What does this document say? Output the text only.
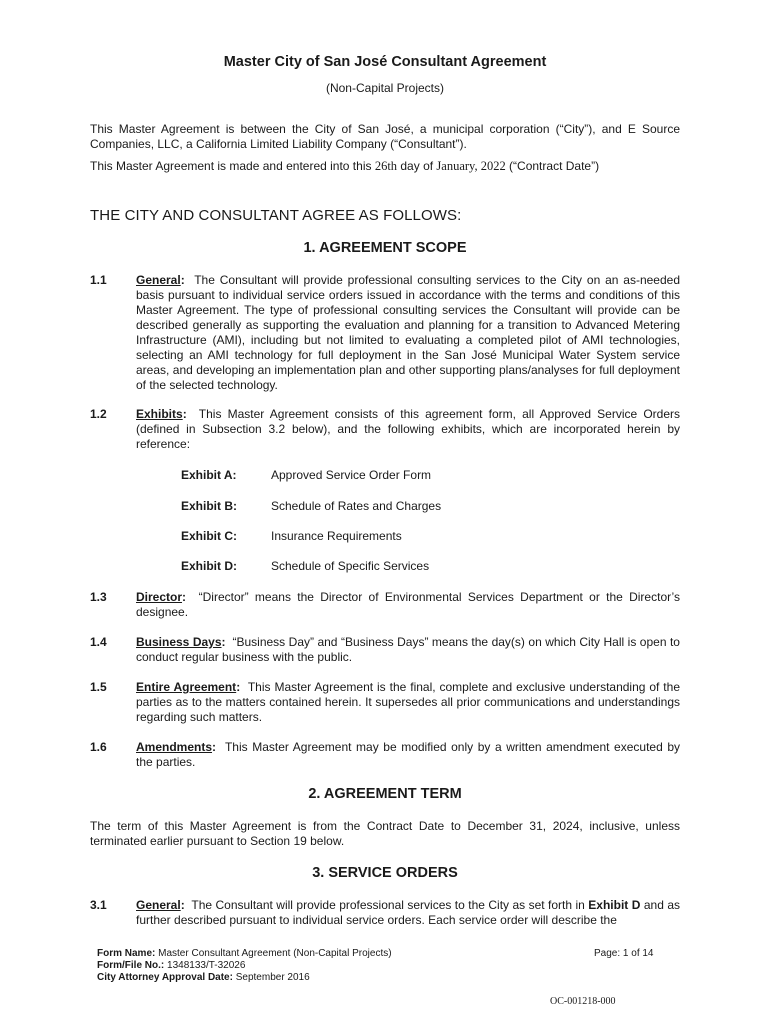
Master City of San José Consultant Agreement
(Non-Capital Projects)
This Master Agreement is between the City of San José, a municipal corporation (“City”), and E Source Companies, LLC, a California Limited Liability Company (“Consultant”).
This Master Agreement is made and entered into this 26th day of January, 2022 (“Contract Date”)
THE CITY AND CONSULTANT AGREE AS FOLLOWS:
1. AGREEMENT SCOPE
1.1 General: The Consultant will provide professional consulting services to the City on an as-needed basis pursuant to individual service orders issued in accordance with the terms and conditions of this Master Agreement. The type of professional consulting services the Consultant will provide can be described generally as supporting the evaluation and planning for a transition to Advanced Metering Infrastructure (AMI), including but not limited to evaluating a completed pilot of AMI technologies, selecting an AMI technology for full deployment in the San José Municipal Water System service areas, and developing an implementation plan and other supporting plans/analyses for full deployment of the selected technology.
1.2 Exhibits: This Master Agreement consists of this agreement form, all Approved Service Orders (defined in Subsection 3.2 below), and the following exhibits, which are incorporated herein by reference:
Exhibit A:	Approved Service Order Form
Exhibit B:	Schedule of Rates and Charges
Exhibit C:	Insurance Requirements
Exhibit D:	Schedule of Specific Services
1.3 Director: “Director” means the Director of Environmental Services Department or the Director’s designee.
1.4 Business Days: “Business Day” and “Business Days” means the day(s) on which City Hall is open to conduct regular business with the public.
1.5 Entire Agreement: This Master Agreement is the final, complete and exclusive understanding of the parties as to the matters contained herein. It supersedes all prior communications and understandings regarding such matters.
1.6 Amendments: This Master Agreement may be modified only by a written amendment executed by the parties.
2. AGREEMENT TERM
The term of this Master Agreement is from the Contract Date to December 31, 2024, inclusive, unless terminated earlier pursuant to Section 19 below.
3. SERVICE ORDERS
3.1 General: The Consultant will provide professional services to the City as set forth in Exhibit D and as further described pursuant to individual service orders. Each service order will describe the
Form Name: Master Consultant Agreement (Non-Capital Projects)
Form/File No.: 1348133/T-32026
City Attorney Approval Date: September 2016
Page: 1 of 14
OC-001218-000
